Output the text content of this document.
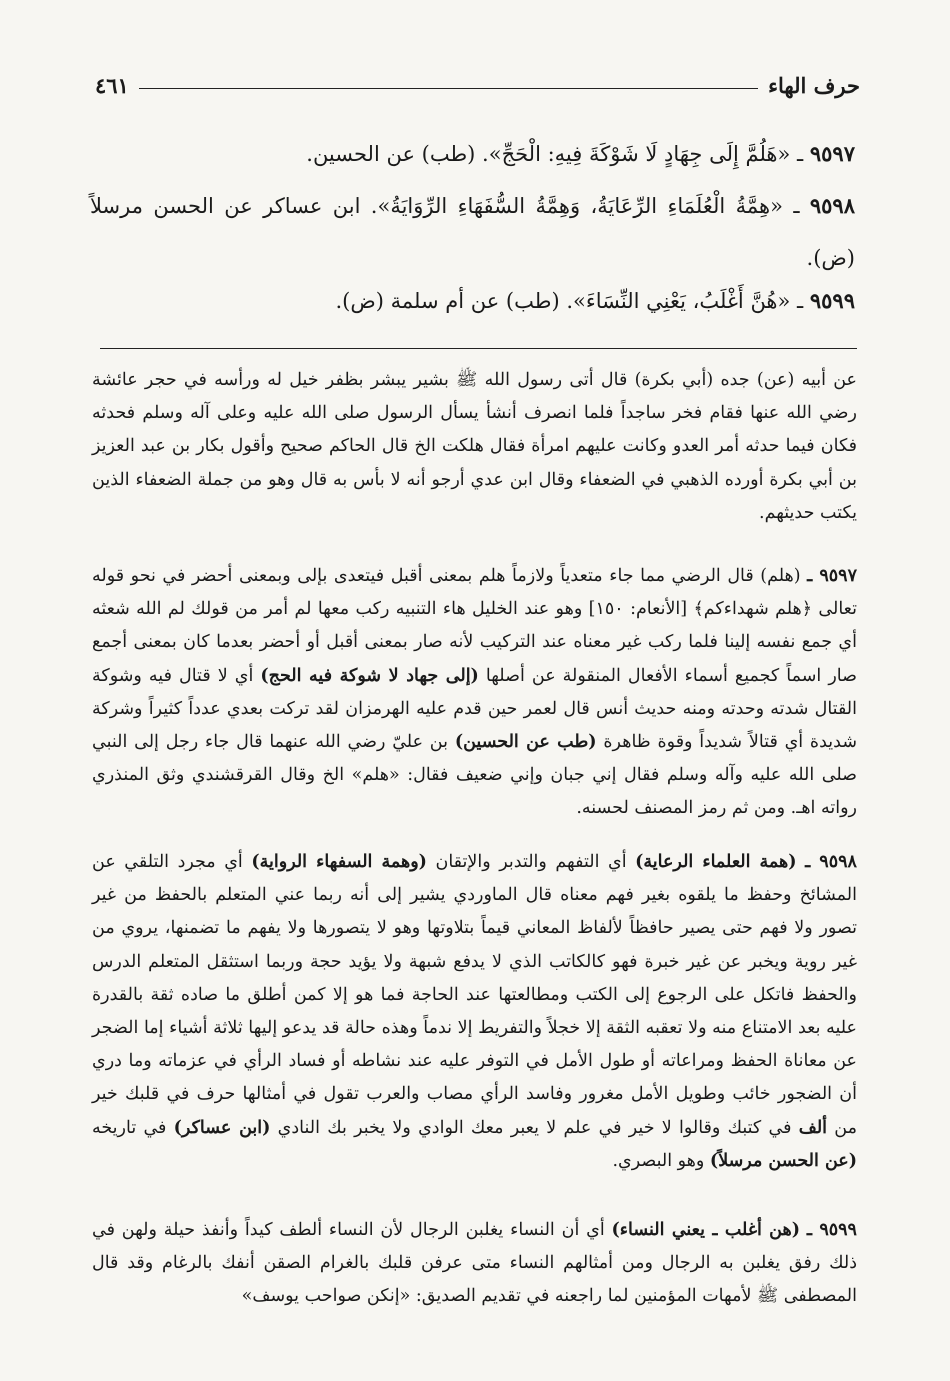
حرف الهاء
٤٦١
٩٥٩٧ ـ «هَلُمَّ إِلَى جِهَادٍ لَا شَوْكَةَ فِيهِ: الْحَجِّ». (طب) عن الحسين.
٩٥٩٨ ـ «هِمَّةُ الْعُلَمَاءِ الرِّعَايَةُ، وَهِمَّةُ السُّفَهَاءِ الرِّوَايَةُ». ابن عساكر عن الحسن مرسلاً (ض).
٩٥٩٩ ـ «هُنَّ أَغْلَبُ، يَعْنِي النِّسَاءَ». (طب) عن أم سلمة (ض).

عن أبيه (عن) جده (أبي بكرة) قال أتى رسول الله ﷺ بشير يبشر بظفر خيل له ورأسه في حجر عائشة رضي الله عنها فقام فخر ساجداً فلما انصرف أنشأ يسأل الرسول صلى الله عليه وعلى آله وسلم فحدثه فكان فيما حدثه أمر العدو وكانت عليهم امرأة فقال هلكت الخ قال الحاكم صحيح وأقول بكار بن عبد العزيز بن أبي بكرة أورده الذهبي في الضعفاء وقال ابن عدي أرجو أنه لا بأس به قال وهو من جملة الضعفاء الذين يكتب حديثهم.

٩٥٩٧ ـ (هلم) قال الرضي مما جاء متعدياً ولازماً هلم بمعنى أقبل فيتعدى بإلى وبمعنى أحضر في نحو قوله تعالى ﴿هلم شهداءكم﴾ [الأنعام: ١٥٠] وهو عند الخليل هاء التنبيه ركب معها لم أمر من قولك لم الله شعثه أي جمع نفسه إلينا فلما ركب غير معناه عند التركيب لأنه صار بمعنى أقبل أو أحضر بعدما كان بمعنى أجمع صار اسماً كجميع أسماء الأفعال المنقولة عن أصلها (إلى جهاد لا شوكة فيه الحج) أي لا قتال فيه وشوكة القتال شدته وحدته ومنه حديث أنس قال لعمر حين قدم عليه الهرمزان لقد تركت بعدي عدداً كثيراً وشركة شديدة أي قتالاً شديداً وقوة ظاهرة (طب عن الحسين) بن عليّ رضي الله عنهما قال جاء رجل إلى النبي صلى الله عليه وآله وسلم فقال إني جبان وإني ضعيف فقال: «هلم» الخ وقال القرقشندي وثق المنذري رواته اهـ. ومن ثم رمز المصنف لحسنه.

٩٥٩٨ ـ (همة العلماء الرعاية) أي التفهم والتدبر والإتقان (وهمة السفهاء الرواية) أي مجرد التلقي عن المشائخ وحفظ ما يلقوه بغير فهم معناه قال الماوردي يشير إلى أنه ربما عني المتعلم بالحفظ من غير تصور ولا فهم حتى يصير حافظاً لألفاظ المعاني قيماً بتلاوتها وهو لا يتصورها ولا يفهم ما تضمنها، يروي من غير روية ويخبر عن غير خبرة فهو كالكاتب الذي لا يدفع شبهة ولا يؤيد حجة وربما استثقل المتعلم الدرس والحفظ فاتكل على الرجوع إلى الكتب ومطالعتها عند الحاجة فما هو إلا كمن أطلق ما صاده ثقة بالقدرة عليه بعد الامتناع منه ولا تعقبه الثقة إلا خجلاً والتفريط إلا ندماً وهذه حالة قد يدعو إليها ثلاثة أشياء إما الضجر عن معاناة الحفظ ومراعاته أو طول الأمل في التوفر عليه عند نشاطه أو فساد الرأي في عزماته وما دري أن الضجور خائب وطويل الأمل مغرور وفاسد الرأي مصاب والعرب تقول في أمثالها حرف في قلبك خير من ألف في كتبك وقالوا لا خير في علم لا يعبر معك الوادي ولا يخبر بك النادي (ابن عساكر) في تاريخه (عن الحسن مرسلاً) وهو البصري.

٩٥٩٩ ـ (هن أغلب ـ يعني النساء) أي أن النساء يغلبن الرجال لأن النساء ألطف كيداً وأنفذ حيلة ولهن في ذلك رفق يغلبن به الرجال ومن أمثالهم النساء متى عرفن قلبك بالغرام الصقن أنفك بالرغام وقد قال المصطفى ﷺ لأمهات المؤمنين لما راجعنه في تقديم الصديق: «إنكن صواحب يوسف»
